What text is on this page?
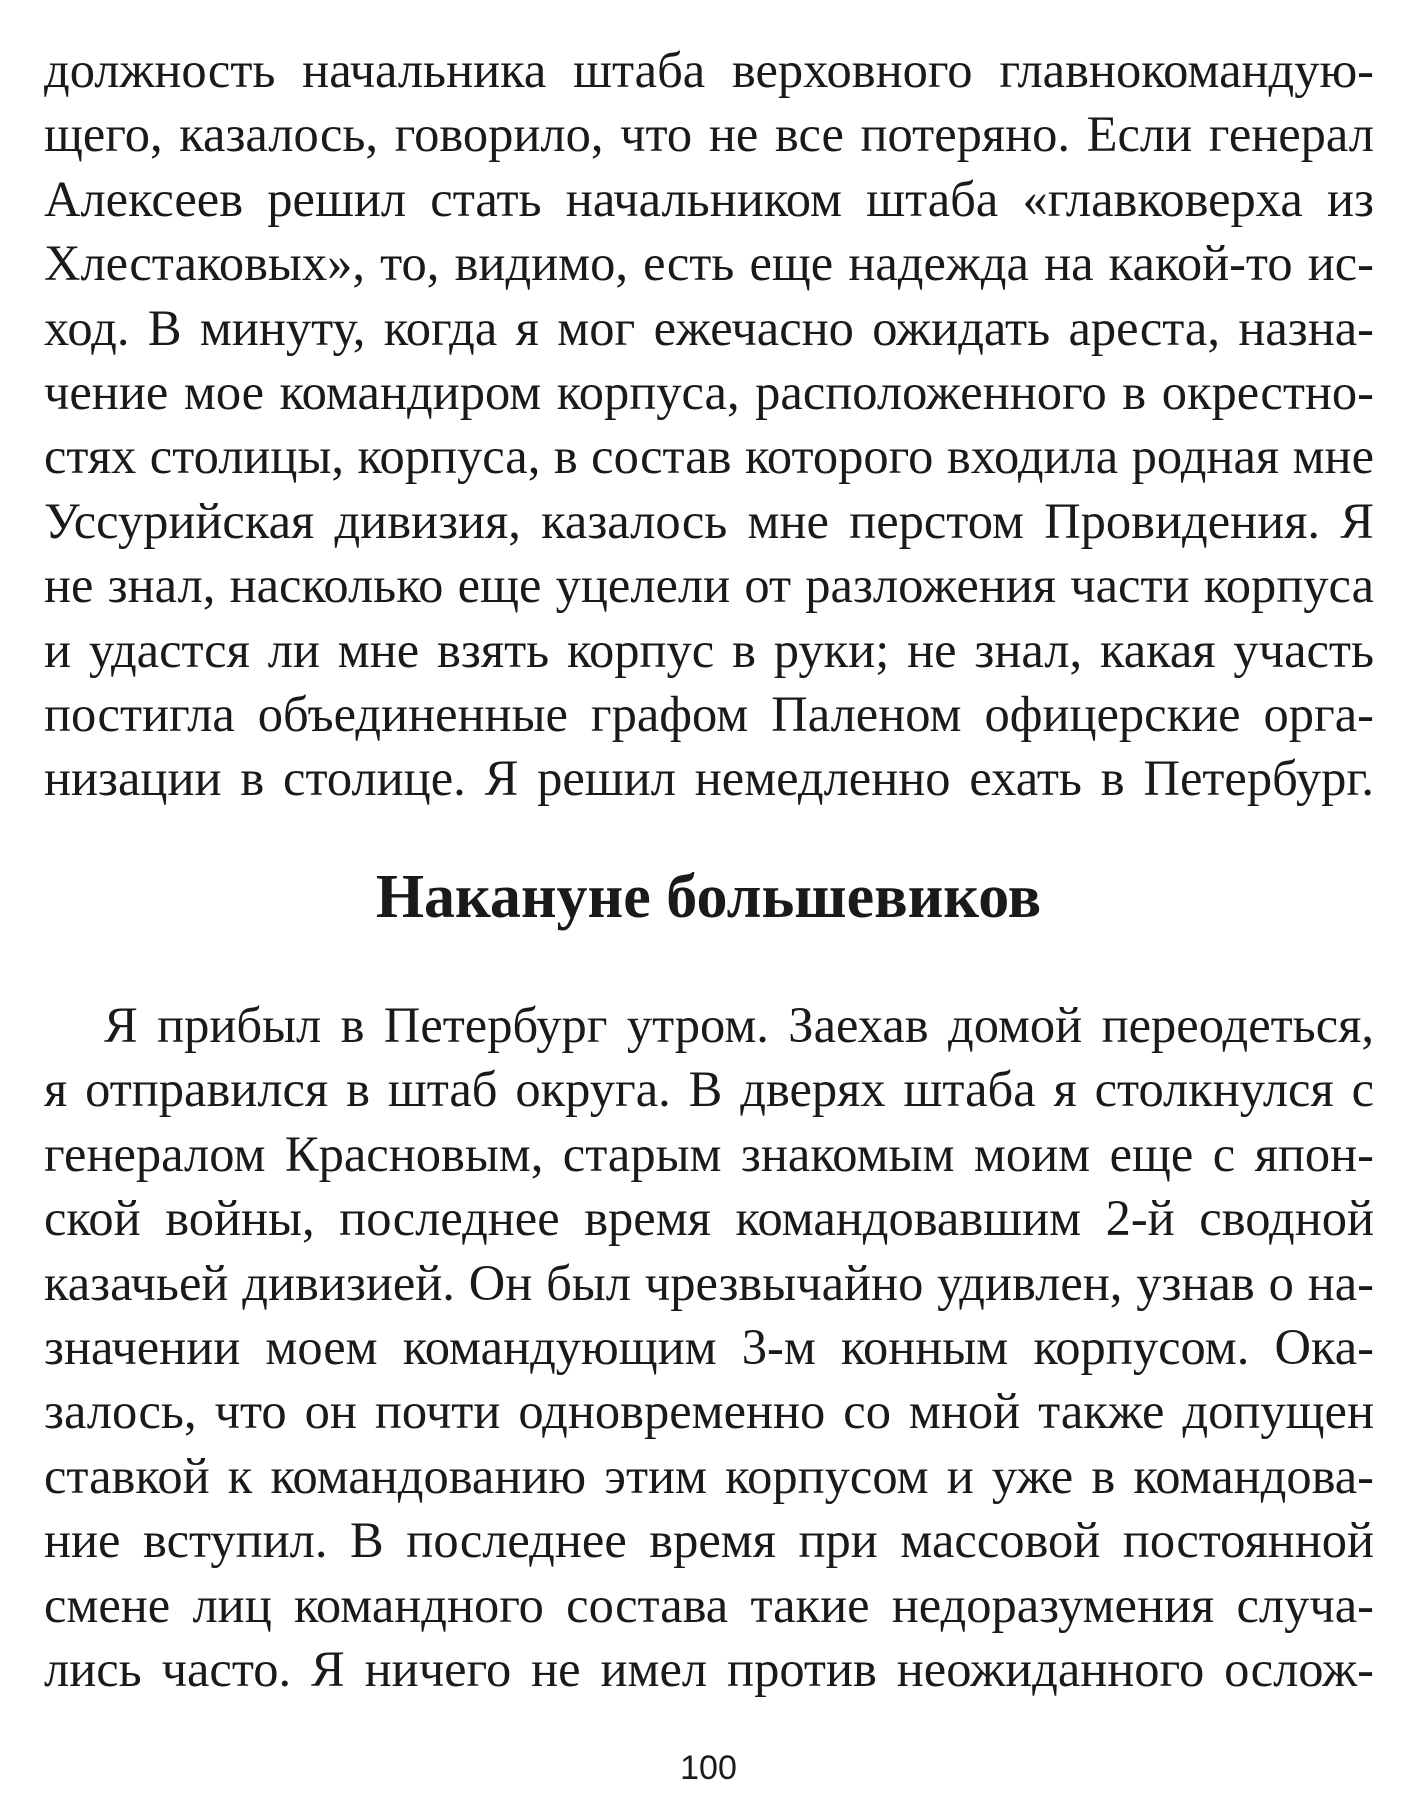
должность начальника штаба верховного главнокомандую-
щего, казалось, говорило, что не все потеряно. Если генерал
Алексеев решил стать начальником штаба «главковерха из
Хлестаковых», то, видимо, есть еще надежда на какой-то ис-
ход. В минуту, когда я мог ежечасно ожидать ареста, назна-
чение мое командиром корпуса, расположенного в окрестно-
стях столицы, корпуса, в состав которого входила родная мне
Уссурийская дивизия, казалось мне перстом Провидения. Я
не знал, насколько еще уцелели от разложения части корпуса
и удастся ли мне взять корпус в руки; не знал, какая участь
постигла объединенные графом Паленом офицерские орга-
низации в столице. Я решил немедленно ехать в Петербург.
Накануне большевиков
Я прибыл в Петербург утром. Заехав домой переодеться,
я отправился в штаб округа. В дверях штаба я столкнулся с
генералом Красновым, старым знакомым моим еще с япон-
ской войны, последнее время командовавшим 2-й сводной
казачьей дивизией. Он был чрезвычайно удивлен, узнав о на-
значении моем командующим 3-м конным корпусом. Ока-
залось, что он почти одновременно со мной также допущен
ставкой к командованию этим корпусом и уже в командова-
ние вступил. В последнее время при массовой постоянной
смене лиц командного состава такие недоразумения случа-
лись часто. Я ничего не имел против неожиданного ослож-
100
